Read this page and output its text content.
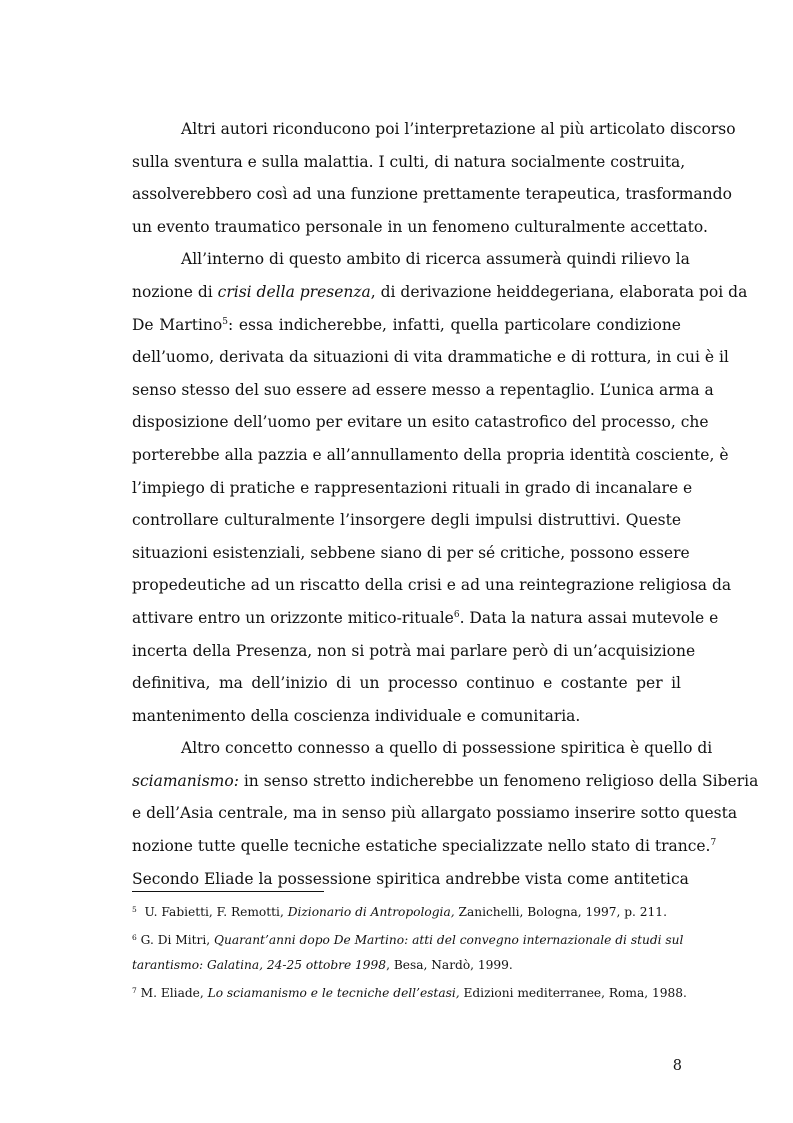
Altri autori riconducono poi l’interpretazione al più articolato discorso
sulla sventura e sulla malattia. I culti, di natura socialmente costruita,
assolverebbero così ad una funzione prettamente terapeutica, trasformando
un evento traumatico personale in un fenomeno culturalmente accettato.
All’interno di questo ambito di ricerca assumerà quindi rilievo la
nozione di crisi della presenza, di derivazione heiddegeriana, elaborata poi da
De Martino$^5$: essa indicherebbe, infatti, quella particolare condizione
dell’uomo, derivata da situazioni di vita drammatiche e di rottura, in cui è il
senso stesso del suo essere ad essere messo a repentaglio. L’unica arma a
disposizione dell’uomo per evitare un esito catastrofico del processo, che
porterebbe alla pazzia e all’annullamento della propria identità cosciente, è
l’impiego di pratiche e rappresentazioni rituali in grado di incanalare e
controllare culturalmente l’insorgere degli impulsi distruttivi. Queste
situazioni esistenziali, sebbene siano di per sé critiche, possono essere
propedeutiche ad un riscatto della crisi e ad una reintegrazione religiosa da
attivare entro un orizzonte mitico-rituale$^6$. Data la natura assai mutevole e
incerta della Presenza, non si potrà mai parlare però di un’acquisizione
definitiva, ma dell’inizio di un processo continuo e costante per il
mantenimento della coscienza individuale e comunitaria.
Altro concetto connesso a quello di possessione spiritica è quello di
sciamanismo: in senso stretto indicherebbe un fenomeno religioso della Siberia
e dell’Asia centrale, ma in senso più allargato possiamo inserire sotto questa
nozione tutte quelle tecniche estatiche specializzate nello stato di trance.$^7$
Secondo Eliade la possessione spiritica andrebbe vista come antitetica
$^5$  U. Fabietti, F. Remotti, Dizionario di Antropologia, Zanichelli, Bologna, 1997, p. 211.
$^6$ G. Di Mitri, Quarant’anni dopo De Martino: atti del convegno internazionale di studi sul
tarantismo: Galatina, 24-25 ottobre 1998, Besa, Nardò, 1999.
$^7$ M. Eliade, Lo sciamanismo e le tecniche dell’estasi, Edizioni mediterranee, Roma, 1988.
8
